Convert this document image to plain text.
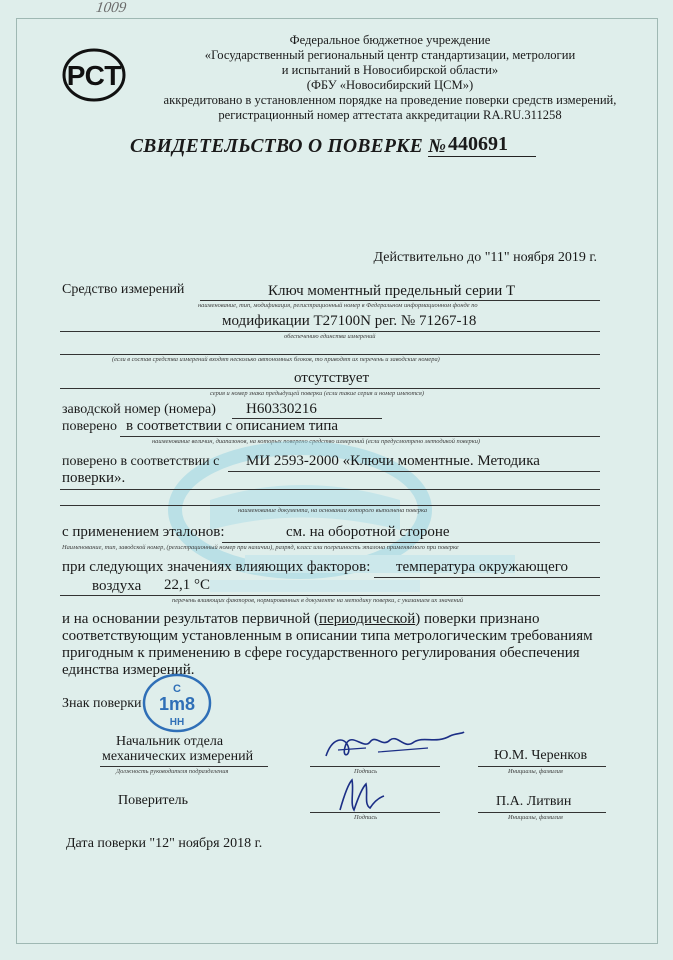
1009
РСТ
Федеральное бюджетное учреждение
«Государственный региональный центр стандартизации, метрологии
и испытаний в Новосибирской области»
(ФБУ «Новосибирский ЦСМ»)
аккредитовано в установленном порядке на проведение поверки средств измерений,
регистрационный номер аттестата аккредитации RA.RU.311258
СВИДЕТЕЛЬСТВО О ПОВЕРКЕ № 440691
Действительно до "11" ноября 2019 г.
Средство измерений	Ключ моментный предельный серии Т
наименование, тип, модификация, регистрационный номер в Федеральном информационном фонде по
модификации Т27100N рег. № 71267-18
обеспечению единства измерений
(если в состав средства измерений входят несколько автономных блоков, то приводят их перечень и заводские номера)
отсутствует
серия и номер знака предыдущей поверки (если такие серия и номер имеются)
заводской номер (номера) Н60330216
поверено в соответствии с описанием типа
наименование величин, диапазонов, на которых поверено средство измерений (если предусмотрено методикой поверки)
поверено в соответствии с МИ 2593-2000 «Ключи моментные. Методика
поверки».
наименование документа, на основании которого выполнена поверка
с применением эталонов:	см. на оборотной стороне
Наименование, тип, заводской номер, (регистрационный номер при наличии), разряд, класс или погрешность эталона применяемого при поверке
при следующих значениях влияющих факторов: температура окружающего
воздуха 22,1 °С
перечень влияющих факторов, нормированных в документе на методику поверки, с указанием их значений
и на основании результатов первичной (периодической) поверки признано
соответствующим установленным в описании типа метрологическим требованиям
пригодным к применению в сфере государственного регулирования обеспечения
единства измерений.
Знак поверки
С
1m8
НН
Начальник отдела
механических измерений
Должность руководителя подразделения	Подпись
Ю.М. Черенков
Инициалы, фамилия
Поверитель
Подпись
П.А. Литвин
Инициалы, фамилия
Дата поверки "12" ноября 2018 г.
